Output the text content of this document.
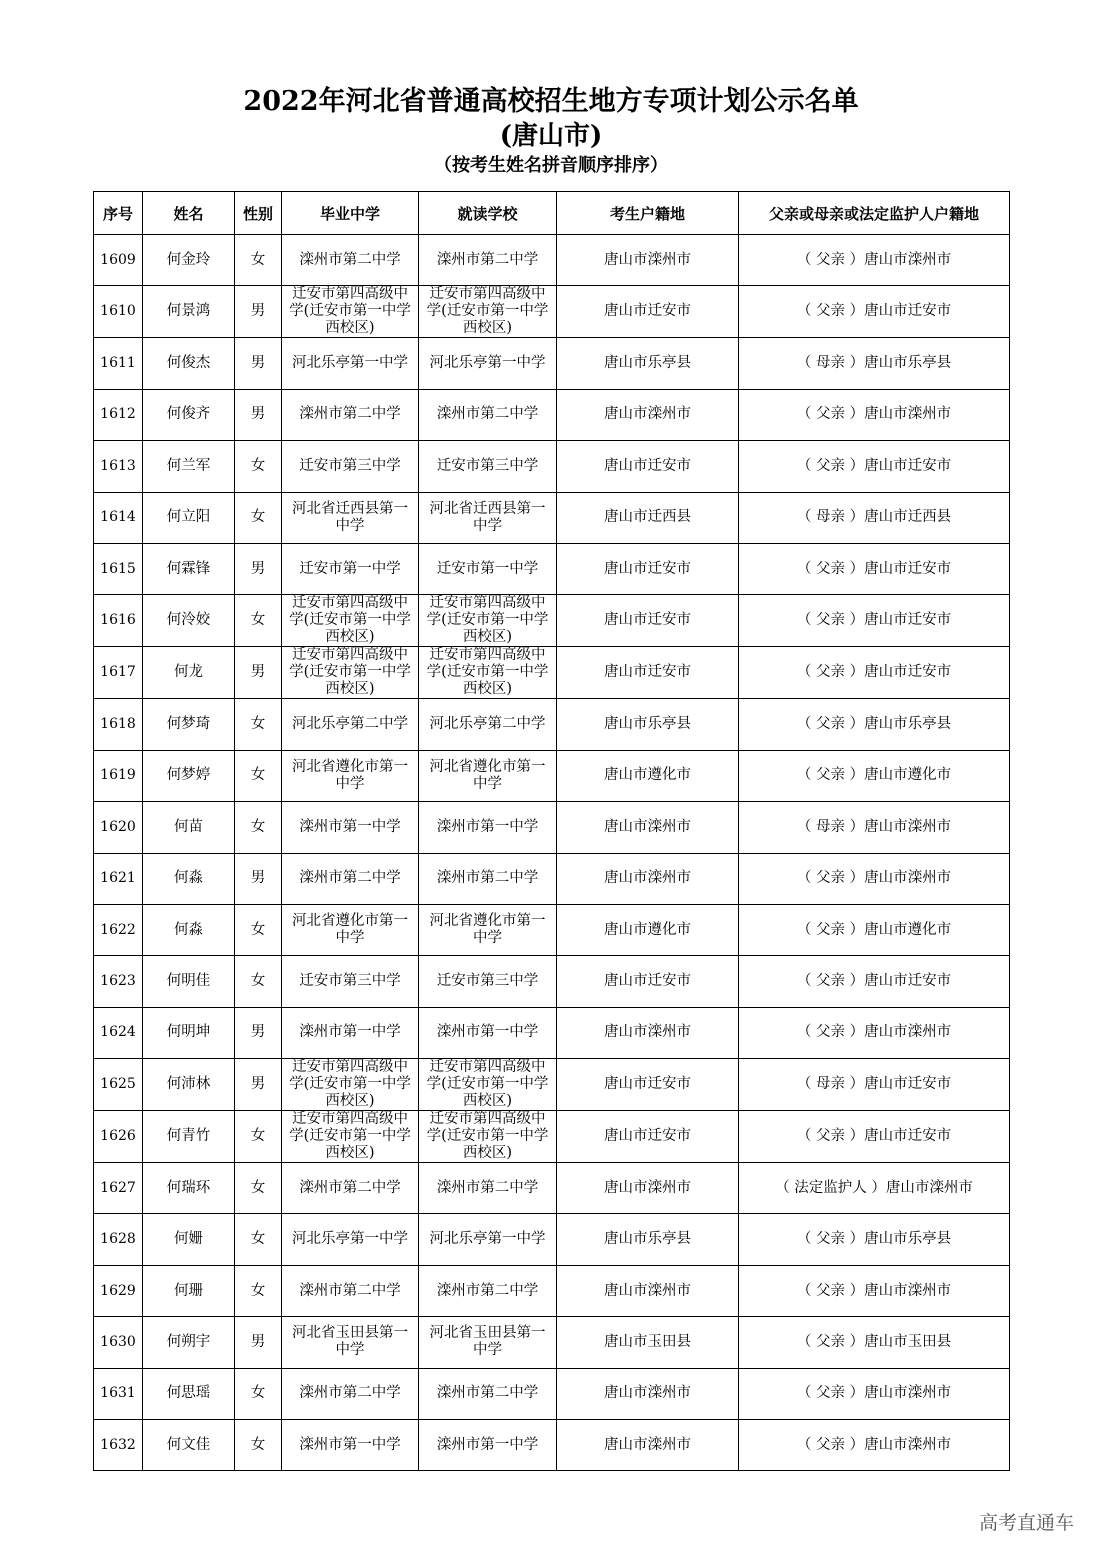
2022年河北省普通高校招生地方专项计划公示名单
(唐山市)
（按考生姓名拼音顺序排序）
序号	姓名	性别	毕业中学	就读学校	考生户籍地	父亲或母亲或法定监护人户籍地
1609	何金玲	女	滦州市第二中学	滦州市第二中学	唐山市滦州市	（ 父亲 ）唐山市滦州市
1610	何景鸿	男	迁安市第四高级中学(迁安市第一中学西校区)	迁安市第四高级中学(迁安市第一中学西校区)	唐山市迁安市	（ 父亲 ）唐山市迁安市
1611	何俊杰	男	河北乐亭第一中学	河北乐亭第一中学	唐山市乐亭县	（ 母亲 ）唐山市乐亭县
1612	何俊齐	男	滦州市第二中学	滦州市第二中学	唐山市滦州市	（ 父亲 ）唐山市滦州市
1613	何兰军	女	迁安市第三中学	迁安市第三中学	唐山市迁安市	（ 父亲 ）唐山市迁安市
1614	何立阳	女	河北省迁西县第一中学	河北省迁西县第一中学	唐山市迁西县	（ 母亲 ）唐山市迁西县
1615	何霖锋	男	迁安市第一中学	迁安市第一中学	唐山市迁安市	（ 父亲 ）唐山市迁安市
1616	何泠姣	女	迁安市第四高级中学(迁安市第一中学西校区)	迁安市第四高级中学(迁安市第一中学西校区)	唐山市迁安市	（ 父亲 ）唐山市迁安市
1617	何龙	男	迁安市第四高级中学(迁安市第一中学西校区)	迁安市第四高级中学(迁安市第一中学西校区)	唐山市迁安市	（ 父亲 ）唐山市迁安市
1618	何梦琦	女	河北乐亭第二中学	河北乐亭第二中学	唐山市乐亭县	（ 父亲 ）唐山市乐亭县
1619	何梦婷	女	河北省遵化市第一中学	河北省遵化市第一中学	唐山市遵化市	（ 父亲 ）唐山市遵化市
1620	何苗	女	滦州市第一中学	滦州市第一中学	唐山市滦州市	（ 母亲 ）唐山市滦州市
1621	何淼	男	滦州市第二中学	滦州市第二中学	唐山市滦州市	（ 父亲 ）唐山市滦州市
1622	何淼	女	河北省遵化市第一中学	河北省遵化市第一中学	唐山市遵化市	（ 父亲 ）唐山市遵化市
1623	何明佳	女	迁安市第三中学	迁安市第三中学	唐山市迁安市	（ 父亲 ）唐山市迁安市
1624	何明坤	男	滦州市第一中学	滦州市第一中学	唐山市滦州市	（ 父亲 ）唐山市滦州市
1625	何沛林	男	迁安市第四高级中学(迁安市第一中学西校区)	迁安市第四高级中学(迁安市第一中学西校区)	唐山市迁安市	（ 母亲 ）唐山市迁安市
1626	何青竹	女	迁安市第四高级中学(迁安市第一中学西校区)	迁安市第四高级中学(迁安市第一中学西校区)	唐山市迁安市	（ 父亲 ）唐山市迁安市
1627	何瑞环	女	滦州市第二中学	滦州市第二中学	唐山市滦州市	（ 法定监护人 ）唐山市滦州市
1628	何姗	女	河北乐亭第一中学	河北乐亭第一中学	唐山市乐亭县	（ 父亲 ）唐山市乐亭县
1629	何珊	女	滦州市第二中学	滦州市第二中学	唐山市滦州市	（ 父亲 ）唐山市滦州市
1630	何朔宇	男	河北省玉田县第一中学	河北省玉田县第一中学	唐山市玉田县	（ 父亲 ）唐山市玉田县
1631	何思瑶	女	滦州市第二中学	滦州市第二中学	唐山市滦州市	（ 父亲 ）唐山市滦州市
1632	何文佳	女	滦州市第一中学	滦州市第一中学	唐山市滦州市	（ 父亲 ）唐山市滦州市
高考直通车
